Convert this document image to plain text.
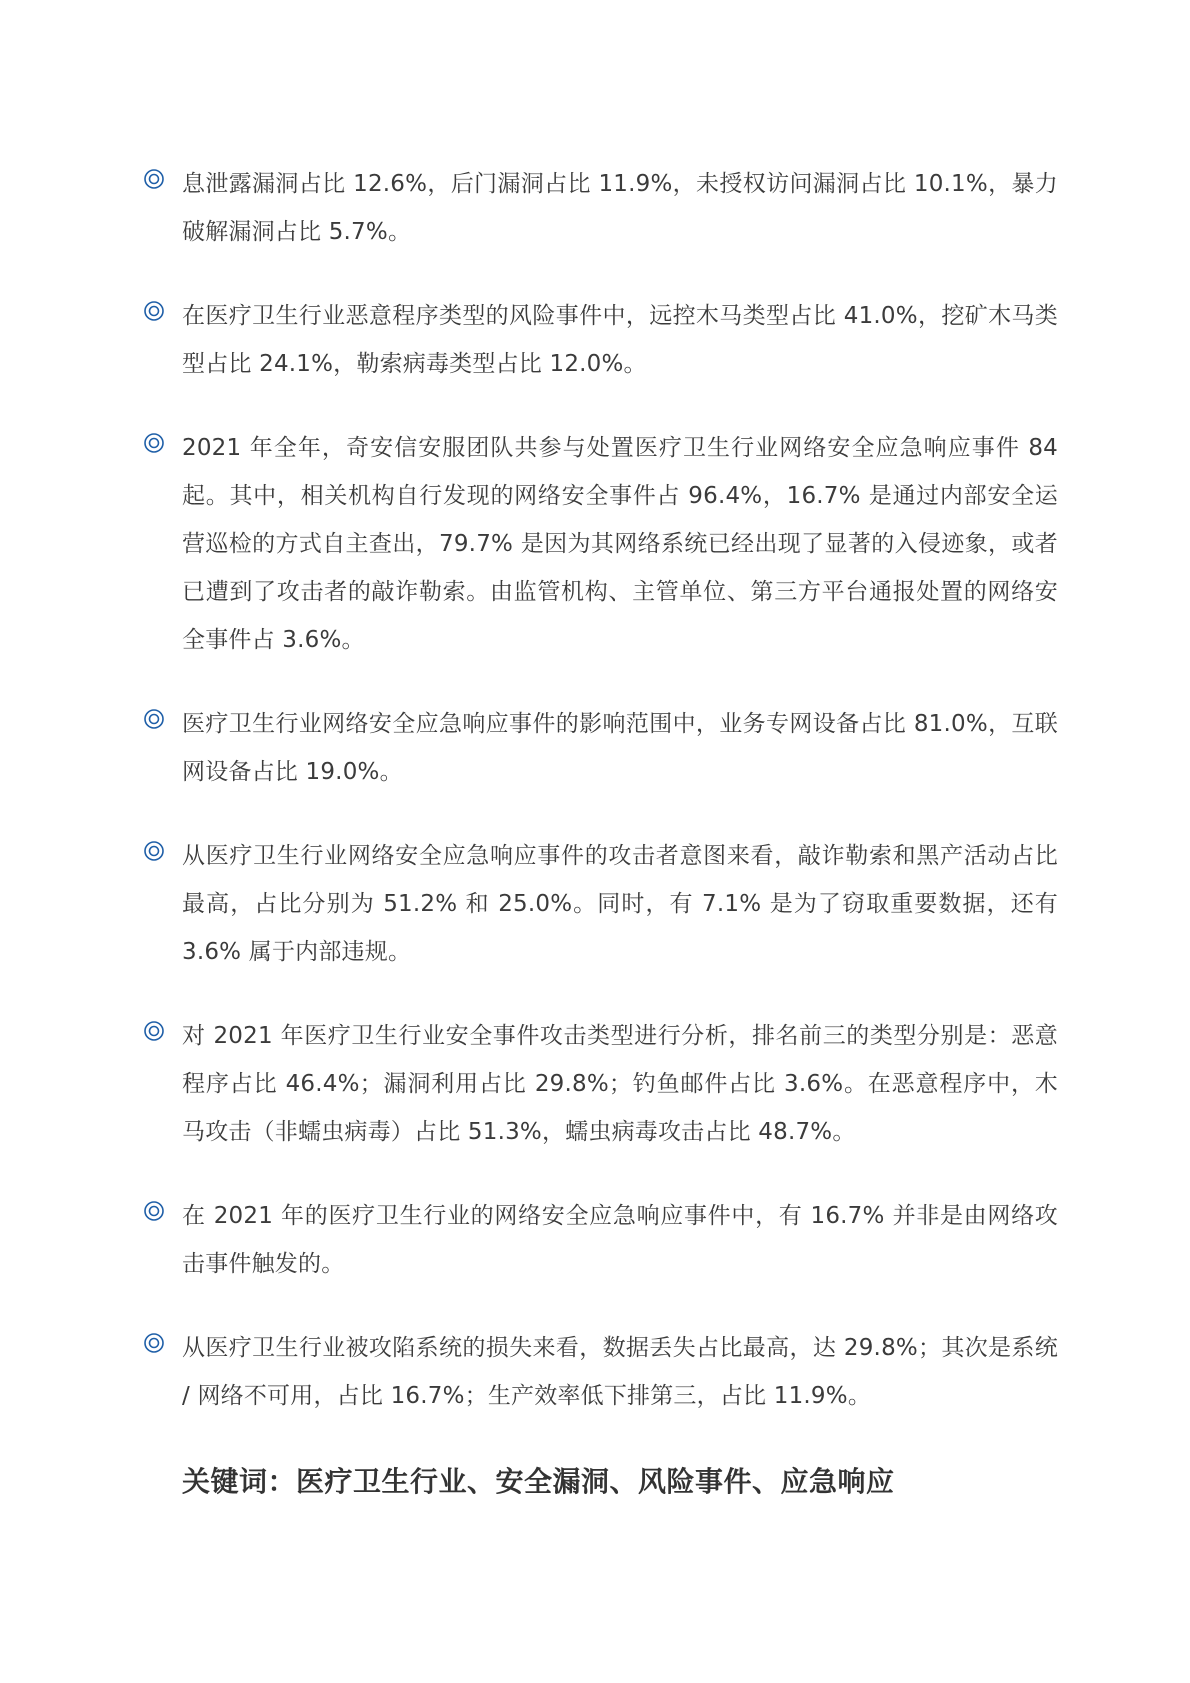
息泄露漏洞占比 12.6%，后门漏洞占比 11.9%，未授权访问漏洞占比 10.1%，暴力破解漏洞占比 5.7%。

在医疗卫生行业恶意程序类型的风险事件中，远控木马类型占比 41.0%，挖矿木马类型占比 24.1%，勒索病毒类型占比 12.0%。

2021 年全年，奇安信安服团队共参与处置医疗卫生行业网络安全应急响应事件 84 起。其中，相关机构自行发现的网络安全事件占 96.4%，16.7% 是通过内部安全运营巡检的方式自主查出，79.7% 是因为其网络系统已经出现了显著的入侵迹象，或者已遭到了攻击者的敲诈勒索。由监管机构、主管单位、第三方平台通报处置的网络安全事件占 3.6%。

医疗卫生行业网络安全应急响应事件的影响范围中，业务专网设备占比 81.0%，互联网设备占比 19.0%。

从医疗卫生行业网络安全应急响应事件的攻击者意图来看，敲诈勒索和黑产活动占比最高，占比分别为 51.2% 和 25.0%。同时，有 7.1% 是为了窃取重要数据，还有 3.6% 属于内部违规。

对 2021 年医疗卫生行业安全事件攻击类型进行分析，排名前三的类型分别是：恶意程序占比 46.4%；漏洞利用占比 29.8%；钓鱼邮件占比 3.6%。在恶意程序中，木马攻击（非蠕虫病毒）占比 51.3%，蠕虫病毒攻击占比 48.7%。

在 2021 年的医疗卫生行业的网络安全应急响应事件中，有 16.7% 并非是由网络攻击事件触发的。

从医疗卫生行业被攻陷系统的损失来看，数据丢失占比最高，达 29.8%；其次是系统 / 网络不可用，占比 16.7%；生产效率低下排第三，占比 11.9%。

关键词：医疗卫生行业、安全漏洞、风险事件、应急响应
